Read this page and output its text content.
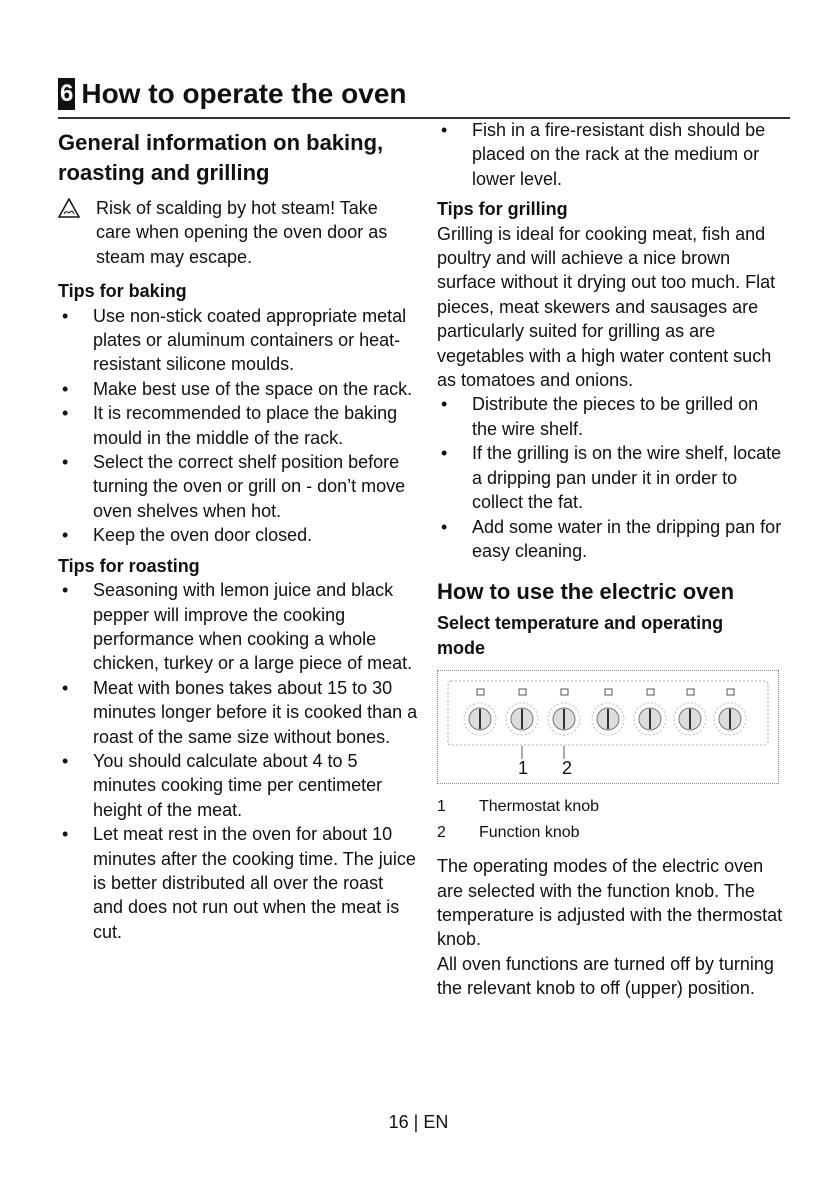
6 How to operate the oven
General information on baking, roasting and grilling
Risk of scalding by hot steam! Take care when opening the oven door as steam may escape.
Tips for baking
• Use non-stick coated appropriate metal plates or aluminum containers or heat-resistant silicone moulds.
• Make best use of the space on the rack.
• It is recommended to place the baking mould in the middle of the rack.
• Select the correct shelf position before turning the oven or grill on - don’t move oven shelves when hot.
• Keep the oven door closed.
Tips for roasting
• Seasoning with lemon juice and black pepper will improve the cooking performance when cooking a whole chicken, turkey or a large piece of meat.
• Meat with bones takes about 15 to 30 minutes longer before it is cooked than a roast of the same size without bones.
• You should calculate about 4 to 5 minutes cooking time per centimeter height of the meat.
• Let meat rest in the oven for about 10 minutes after the cooking time. The juice is better distributed all over the roast and does not run out when the meat is cut.
• Fish in a fire-resistant dish should be placed on the rack at the medium or lower level.
Tips for grilling
Grilling is ideal for cooking meat, fish and poultry and will achieve a nice brown surface without it drying out too much. Flat pieces, meat skewers and sausages are particularly suited for grilling as are vegetables with a high water content such as tomatoes and onions.
• Distribute the pieces to be grilled on the wire shelf.
• If the grilling is on the wire shelf, locate a dripping pan under it in order to collect the fat.
• Add some water in the dripping pan for easy cleaning.
How to use the electric oven
Select temperature and operating mode
1 2
1	Thermostat knob
2	Function knob
The operating modes of the electric oven are selected with the function knob. The temperature is adjusted with the thermostat knob.
All oven functions are turned off by turning the relevant knob to off (upper) position.
16 | EN
